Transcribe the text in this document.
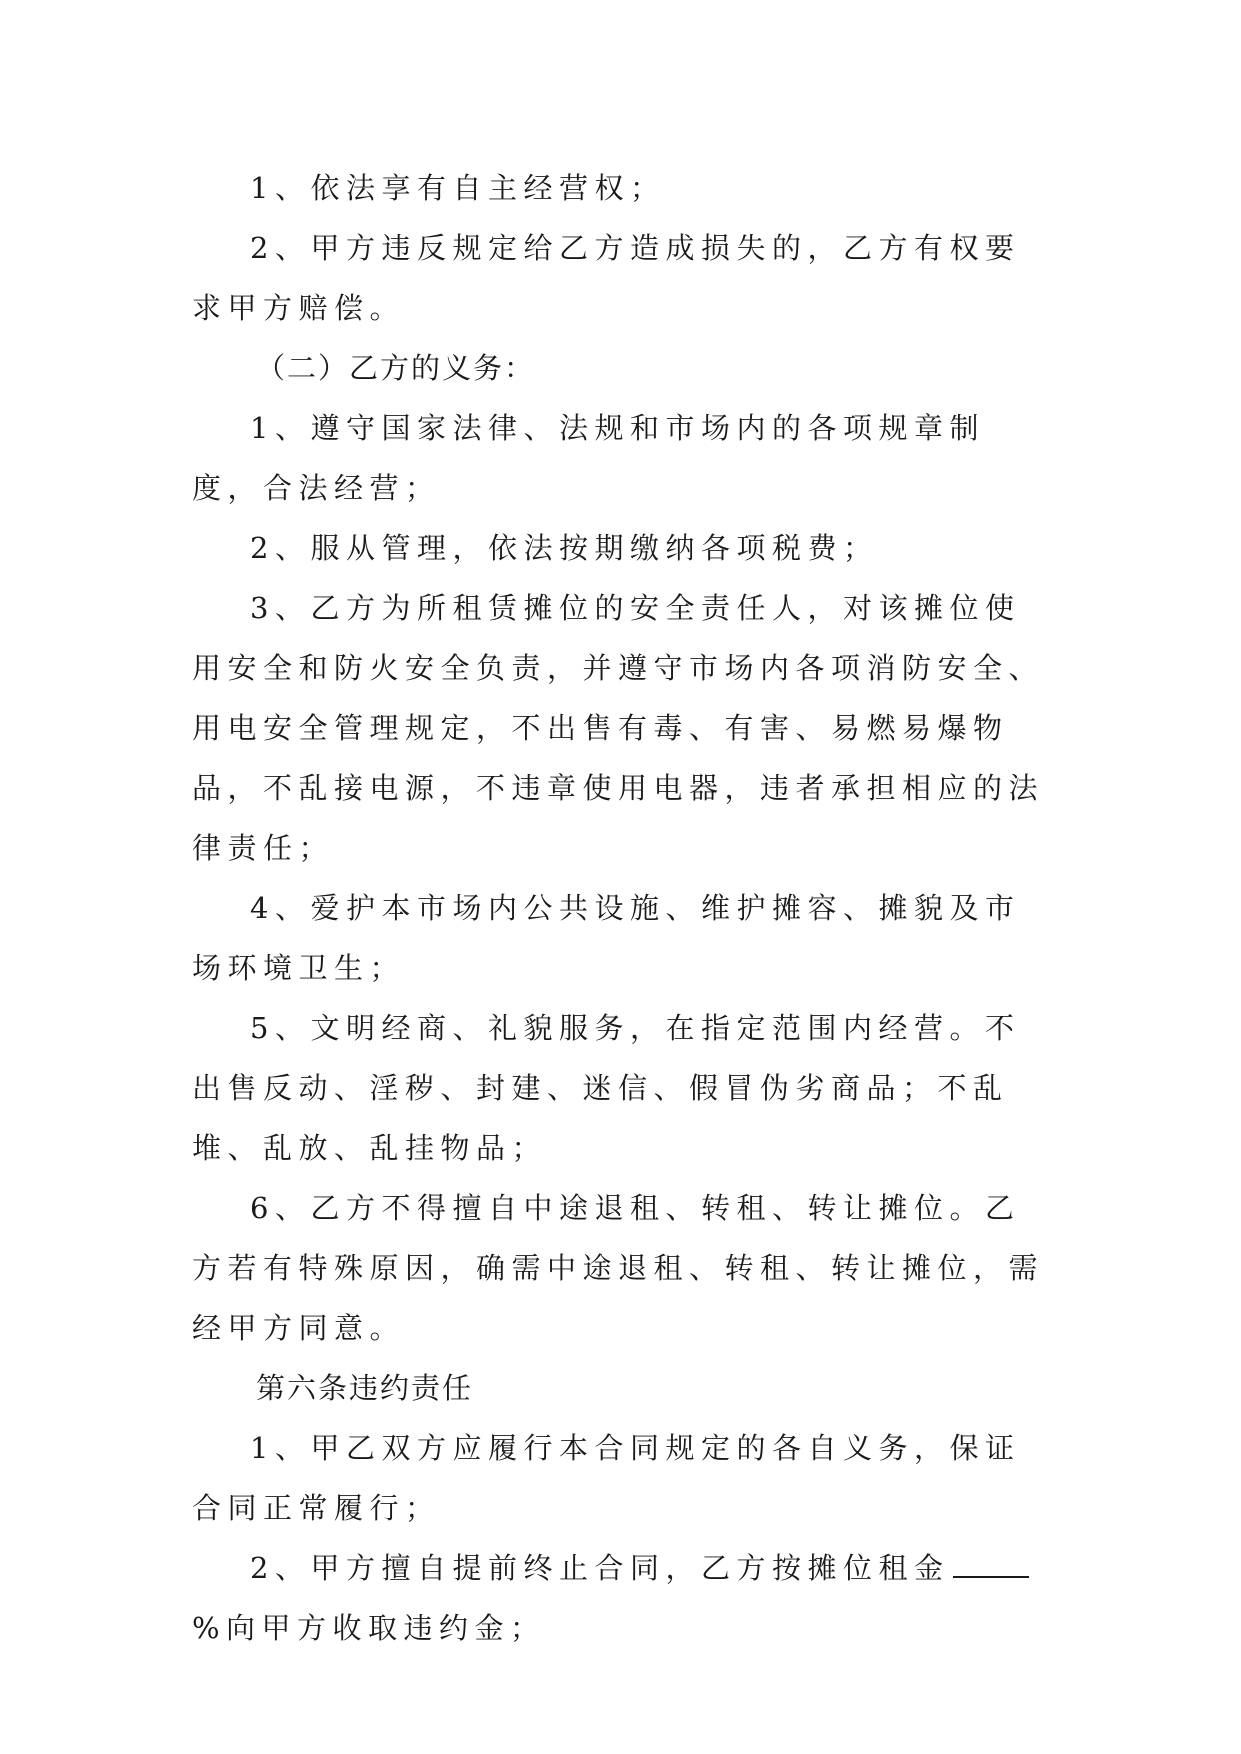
1、依法享有自主经营权；

2、甲方违反规定给乙方造成损失的，乙方有权要求甲方赔偿。

（二）乙方的义务：

1、遵守国家法律、法规和市场内的各项规章制度，合法经营；

2、服从管理，依法按期缴纳各项税费；

3、乙方为所租赁摊位的安全责任人，对该摊位使用安全和防火安全负责，并遵守市场内各项消防安全、用电安全管理规定，不出售有毒、有害、易燃易爆物品，不乱接电源，不违章使用电器，违者承担相应的法律责任；

4、爱护本市场内公共设施、维护摊容、摊貌及市场环境卫生；

5、文明经商、礼貌服务，在指定范围内经营。不出售反动、淫秽、封建、迷信、假冒伪劣商品；不乱堆、乱放、乱挂物品；

6、乙方不得擅自中途退租、转租、转让摊位。乙方若有特殊原因，确需中途退租、转租、转让摊位，需经甲方同意。

第六条违约责任

1、甲乙双方应履行本合同规定的各自义务，保证合同正常履行；

2、甲方擅自提前终止合同，乙方按摊位租金%向甲方收取违约金；
